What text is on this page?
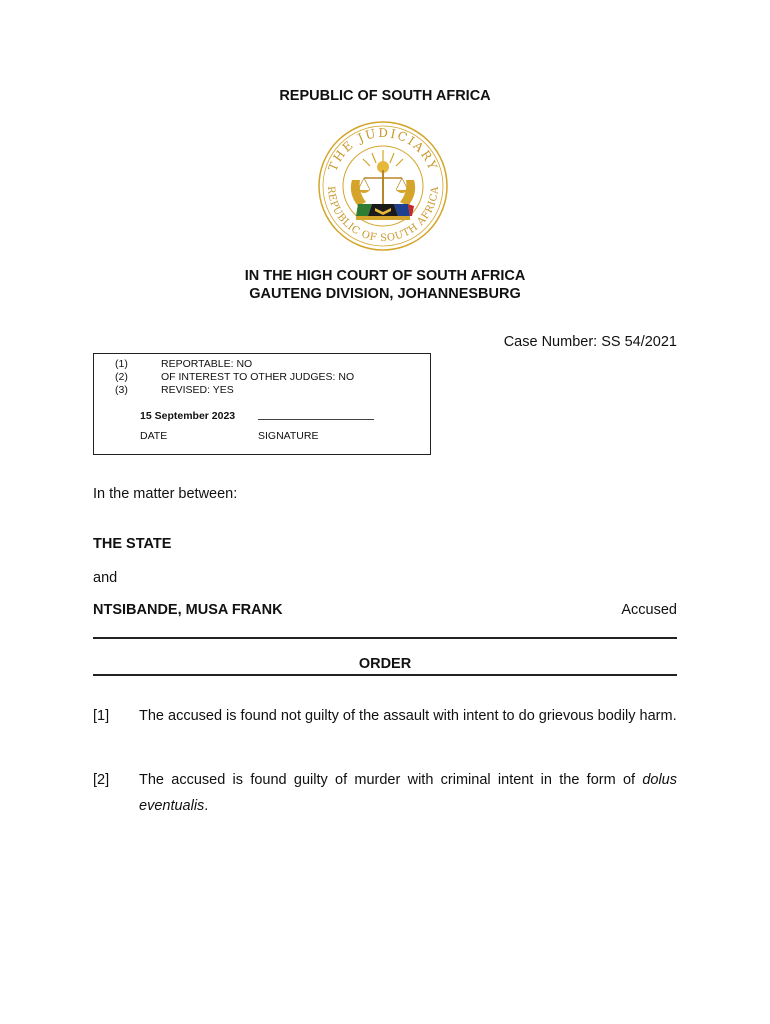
REPUBLIC OF SOUTH AFRICA
THE JUDICIARY
REPUBLIC OF SOUTH AFRICA
IN THE HIGH COURT OF SOUTH AFRICA
GAUTENG DIVISION, JOHANNESBURG
Case Number: SS 54/2021
(1)	REPORTABLE: NO
(2)	OF INTEREST TO OTHER JUDGES: NO
(3)	REVISED: YES
15 September 2023
DATE	SIGNATURE
In the matter between:
THE STATE
and
NTSIBANDE, MUSA FRANK	Accused
ORDER
[1] The accused is found not guilty of the assault with intent to do grievous bodily harm.
[2] The accused is found guilty of murder with criminal intent in the form of dolus eventualis.
